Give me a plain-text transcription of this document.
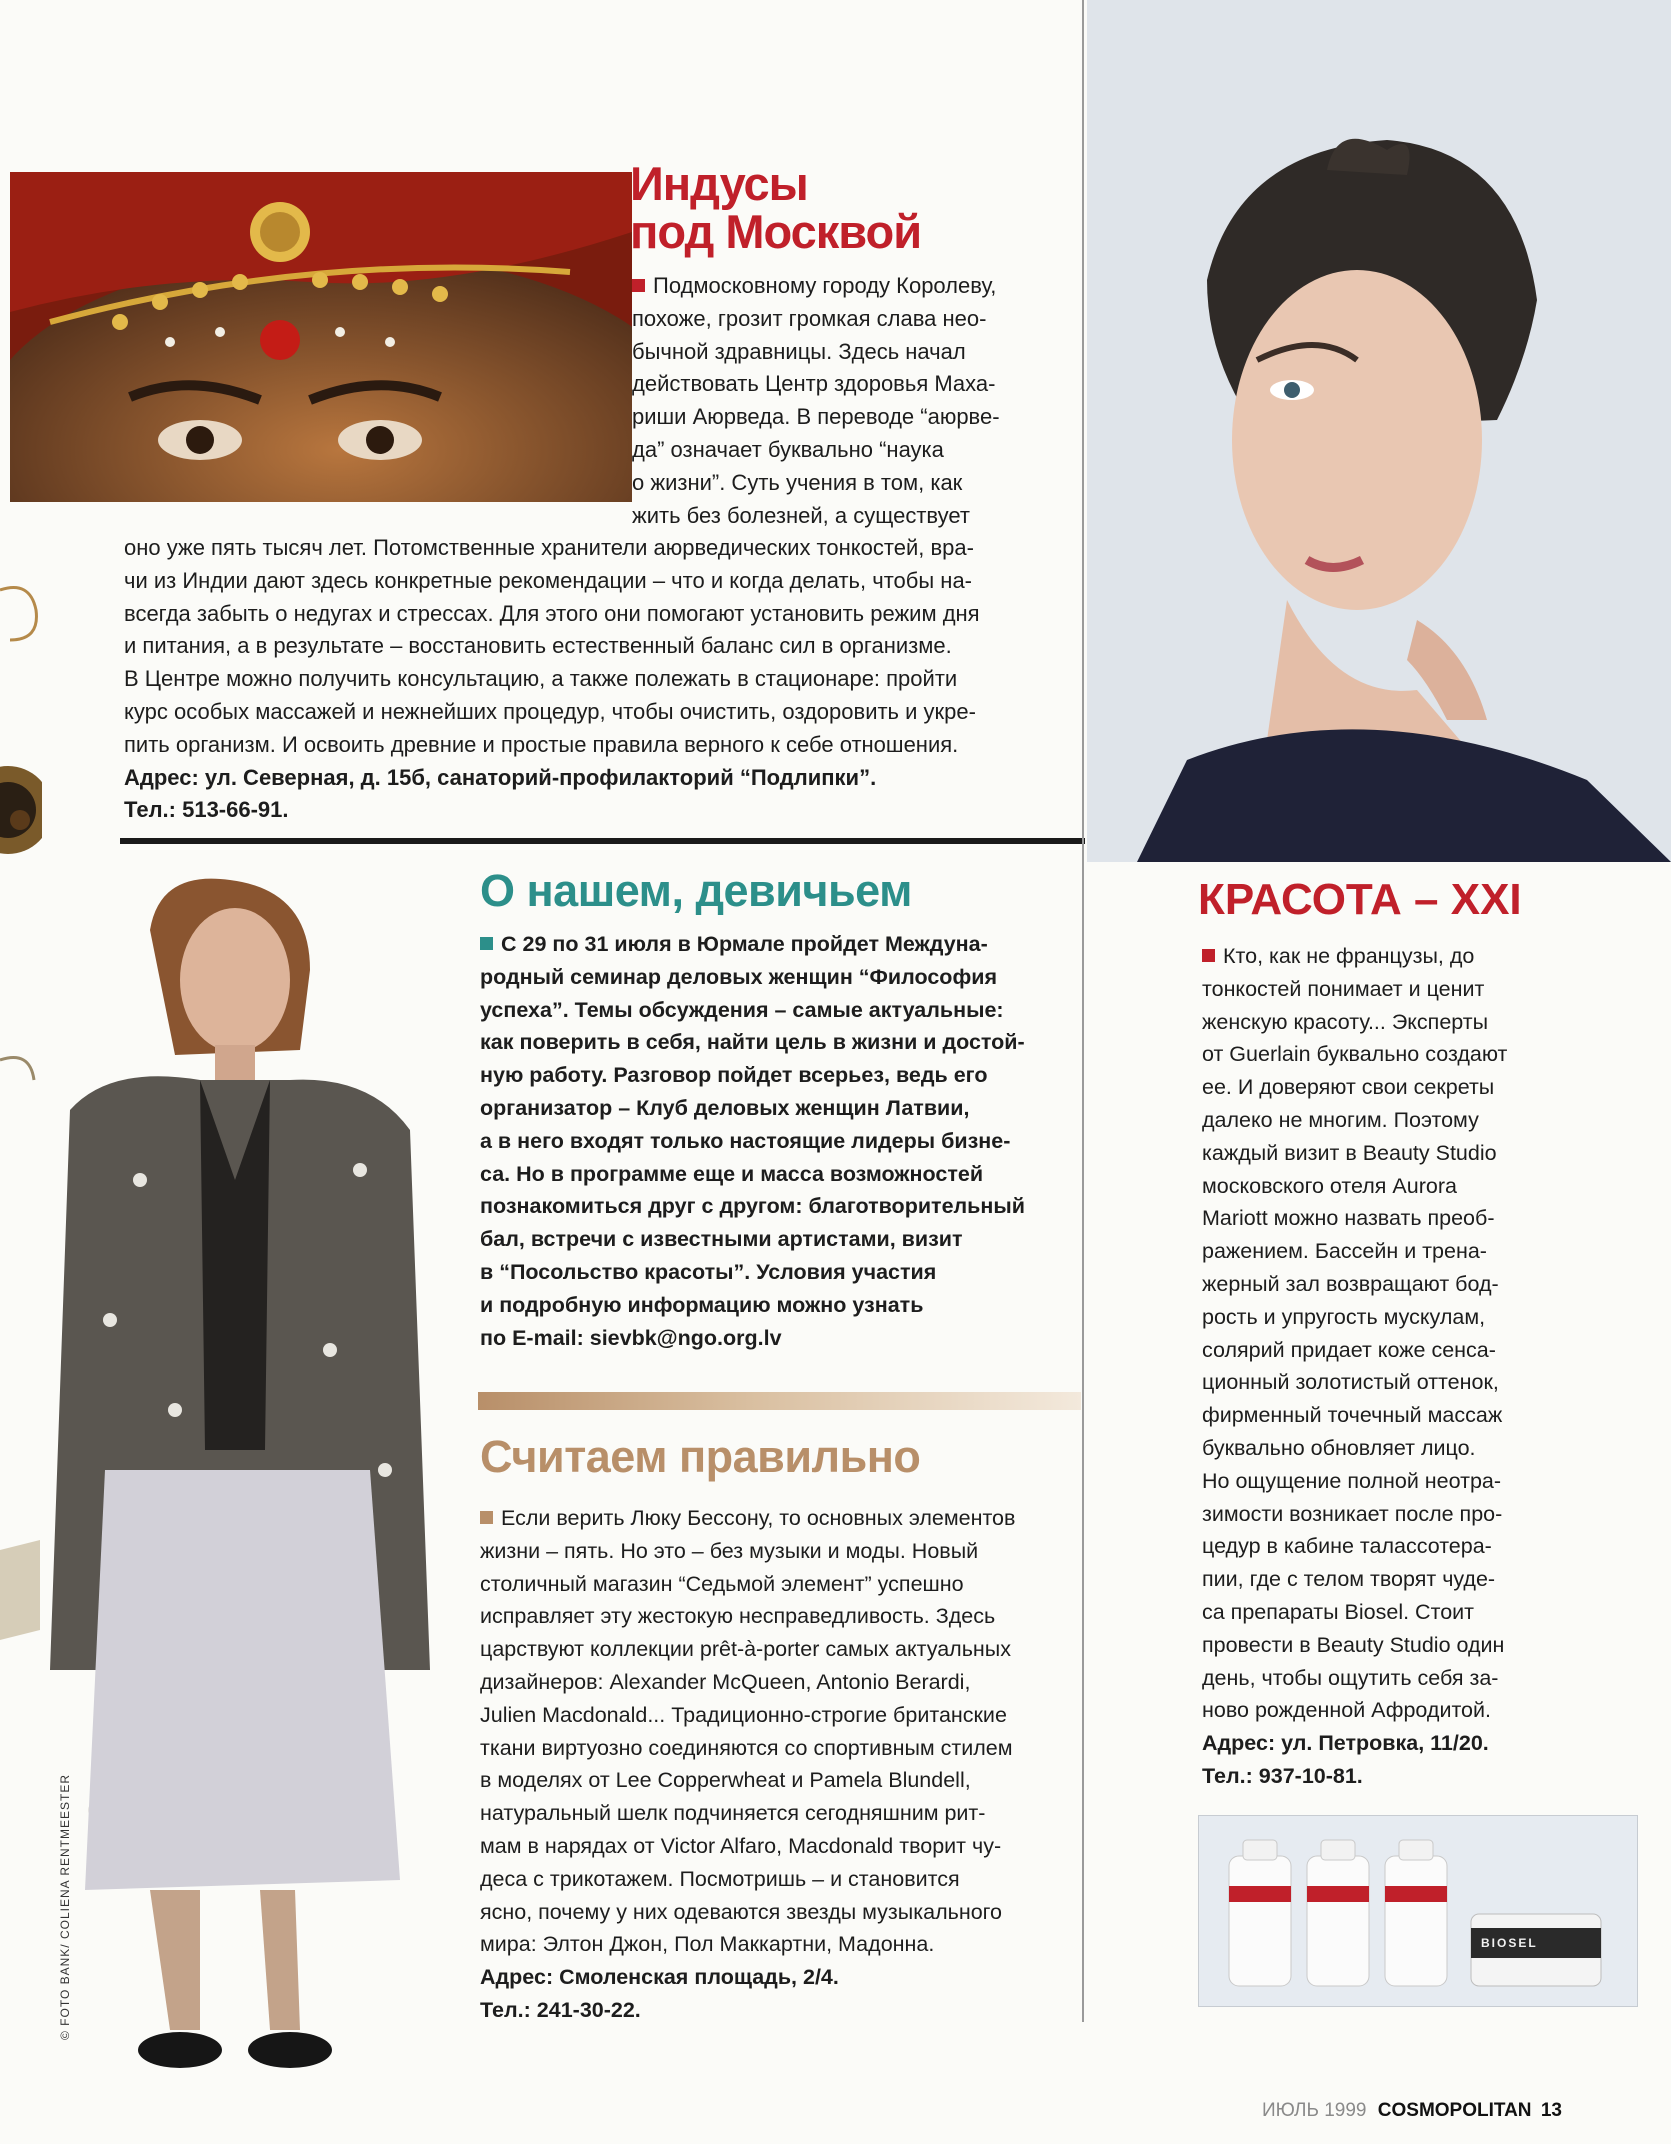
Индусы
под Москвой

Подмосковному городу Королеву,

похоже, грозит громкая слава нео-

бычной здравницы. Здесь начал

действовать Центр здоровья Маха-

риши Аюрведа. В переводе “аюрве-

да” означает буквально “наука

о жизни”. Суть учения в том, как

жить без болезней, а существует

оно уже пять тысяч лет. Потомственные хранители аюрведических тонкостей, вра-

чи из Индии дают здесь конкретные рекомендации – что и когда делать, чтобы на-

всегда забыть о недугах и стрессах. Для этого они помогают установить режим дня

и питания, а в результате – восстановить естественный баланс сил в организме.

В Центре можно получить консультацию, а также полежать в стационаре: пройти

курс особых массажей и нежнейших процедур, чтобы очистить, оздоровить и укре-

пить организм. И освоить древние и простые правила верного к себе отношения.

Адрес: ул. Северная, д. 15б, санаторий-профилакторий “Подлипки”.

Тел.: 513-66-91.

© FOTO BANK/ COLIENA RENTMEESTER
О нашем, девичьем

С 29 по 31 июля в Юрмале пройдет Междуна-

родный семинар деловых женщин “Философия

успеха”. Темы обсуждения – самые актуальные:

как поверить в себя, найти цель в жизни и достой-

ную работу. Разговор пойдет всерьез, ведь его

организатор – Клуб деловых женщин Латвии,

а в него входят только настоящие лидеры бизне-

са. Но в программе еще и масса возможностей

познакомиться друг с другом: благотворительный

бал, встречи с известными артистами, визит

в “Посольство красоты”. Условия участия

и подробную информацию можно узнать

по E-mail: sievbk@ngo.org.lv

Считаем правильно

Если верить Люку Бессону, то основных элементов

жизни – пять. Но это – без музыки и моды. Новый

столичный магазин “Седьмой элемент” успешно

исправляет эту жестокую несправедливость. Здесь

царствуют коллекции prêt-à-porter самых актуальных

дизайнеров: Alexander McQueen, Antonio Berardi,

Julien Macdonald... Традиционно-строгие британские

ткани виртуозно соединяются со спортивным стилем

в моделях от Lee Copperwheat и Pamela Blundell,

натуральный шелк подчиняется сегодняшним рит-

мам в нарядах от Victor Alfaro, Macdonald творит чу-

деса с трикотажем. Посмотришь – и становится

ясно, почему у них одеваются звезды музыкального

мира: Элтон Джон, Пол Маккартни, Мадонна.

Адрес: Смоленская площадь, 2/4.

Тел.: 241-30-22.

КРАСОТА – XXI

Кто, как не французы, до

тонкостей понимает и ценит

женскую красоту... Эксперты

от Guerlain буквально создают

ее. И доверяют свои секреты

далеко не многим. Поэтому

каждый визит в Beauty Studio

московского отеля Aurora

Mariott можно назвать преоб-

ражением. Бассейн и трена-

жерный зал возвращают бод-

рость и упругость мускулам,

солярий придает коже сенса-

ционный золотистый оттенок,

фирменный точечный массаж

буквально обновляет лицо.

Но ощущение полной неотра-

зимости возникает после про-

цедур в кабине талассотера-

пии, где с телом творят чуде-

са препараты Biosel. Стоит

провести в Beauty Studio один

день, чтобы ощутить себя за-

ново рожденной Афродитой.

Адрес: ул. Петровка, 11/20.

Тел.: 937-10-81.

BIOSEL
ИЮЛЬ 1999 COSMOPOLITAN 13
